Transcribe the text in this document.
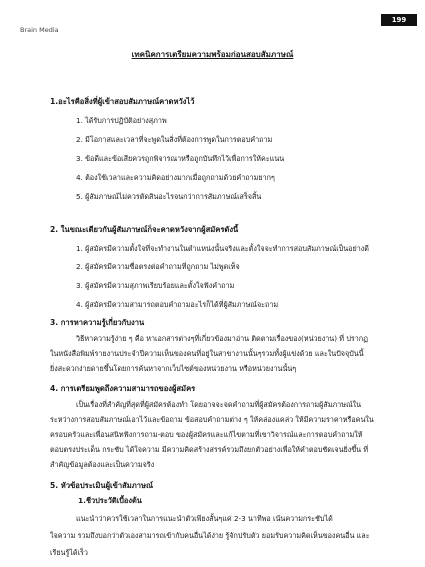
Brain Media
199
เทคนิคการเตรียมความพร้อมก่อนสอบสัมภาษณ์
1.อะไรคือสิ่งที่ผู้เข้าสอบสัมภาษณ์คาดหวังไว้
1. ได้รับการปฏิบัติอย่างสุภาพ
2. มีโอกาสและเวลาที่จะพูดในสิ่งที่ต้องการพูดในการตอบคำถาม
3. ข้อดีและข้อเสียควรถูกพิจารณาหรือถูกบันทึกไว้เพื่อการให้คะแนน
4. ต้องใช้เวลาและความคิดอย่างมากเมื่อถูกถามด้วยคำถามยากๆ
5. ผู้สัมภาษณ์ไม่ควรตัดสินอะไรจนกว่าการสัมภาษณ์เสร็จสิ้น
2. ในขณะเดียวกันผู้สัมภาษณ์ก็จะคาดหวังจากผู้สมัครดังนี้
1. ผู้สมัครมีความตั้งใจที่จะทำงานในตำแหน่งนั้นจริงและตั้งใจจะทำการสอบสัมภาษณ์เป็นอย่างดี
2. ผู้สมัครมีความซื่อตรงต่อคำถามที่ถูกถาม ไม่พูดเท็จ
3. ผู้สมัครมีความสุภาพเรียบร้อยและตั้งใจฟังคำถาม
4. ผู้สมัครมีความสามารถตอบคำถามอะไรก็ได้ที่ผู้สัมภาษณ์จะถาม
3. การหาความรู้เกี่ยวกับงาน
วิธีหาความรู้ง่าย ๆ คือ หาเอกสารต่างๆที่เกี่ยวข้องมาอ่าน ติดตามเรื่องของ(หน่วยงาน) ที่ ปรากฏ
ในหนังสือพิมพ์รายงานประจำปีความเห็นของคนที่อยู่ในสาขางานนั้นๆรวมทั้งผู้แข่งด้วย และในปัจจุบันนี้
ยิ่งสะดวกง่ายดายขึ้นโดยการค้นหาจากเว็บไซต์ของหน่วยงาน หรือหน่วยงานนั้นๆ
4. การเตรียมพูดถึงความสามารถของผู้สมัคร
เป็นเรื่องที่สำคัญที่สุดที่ผู้สมัครต้องทำ โดยอาจจะจดคำถามที่ผู้สมัครต้องการถามผู้สัมภาษณ์ใน
ระหว่างการสอบสัมภาษณ์เอาไว้และข้อถาม ข้อสอบคำถามต่าง ๆ ให้คล่องแคล่ว ให้มีความราคาหรือคนใน
ครอบครัวและเพื่อนสนิทฟังการถาม-ตอบ ของผู้สมัครและแก้ไขตามที่เขาวิจารณ์และการตอบคำถามให้
ตอบตรงประเด็น กระชับ ได้ใจความ มีความคิดสร้างสรรค์รวมถึงยกตัวอย่างเพื่อให้คำตอบชัดเจนยิ่งขึ้น ที่
สำคัญข้อมูลต้องและเป็นความจริง
5. หัวข้อประเมินผู้เข้าสัมภาษณ์
1.ชีวประวัติเบื้องต้น
แนะนำว่าควรใช้เวลาในการแนะนำตัวเพียงสั้นๆแค่ 2-3 นาทีพอ เน้นความกระชับได้
ใจความ รวมถึงบอกว่าตัวเองสามารถเข้ากับคนอื่นได้ง่าย รู้จักปรับตัว ยอมรับความคิดเห็นของคนอื่น และ
เรียนรู้ได้เร็ว
